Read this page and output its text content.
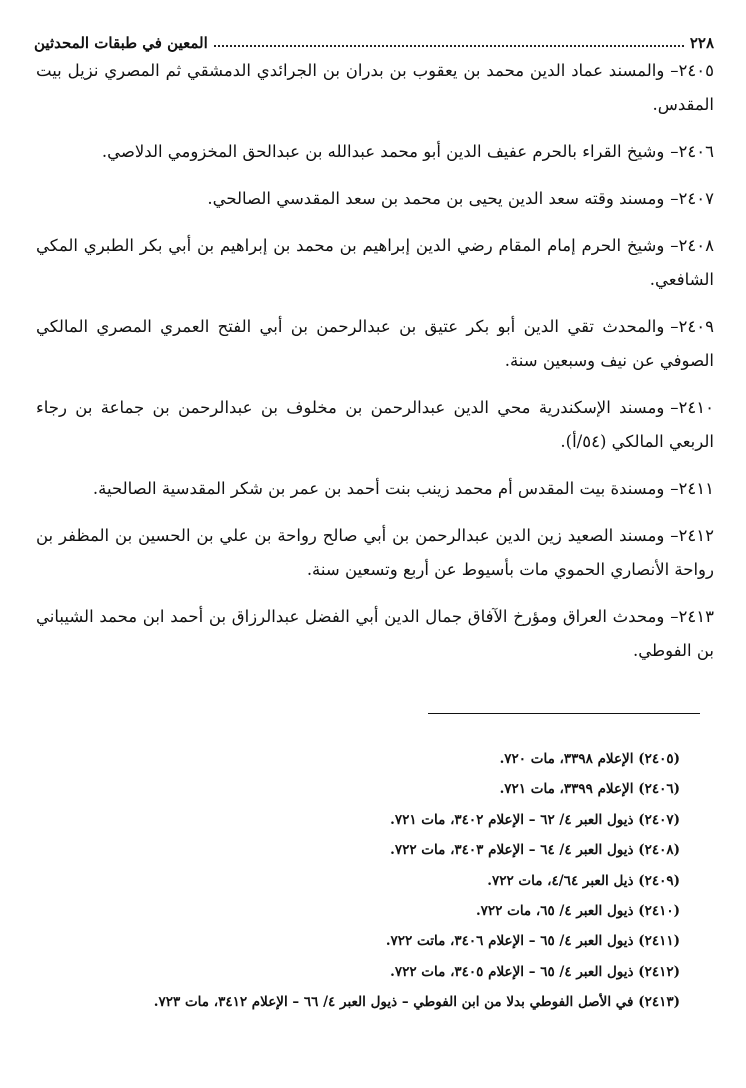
٢٢٨
المعين في طبقات المحدثين

٢٤٠٥–والمسند عماد الدين محمد بن يعقوب بن بدران بن الجرائدي الدمشقي ثم المصري نزيل بيت المقدس.

٢٤٠٦–وشيخ القراء بالحرم عفيف الدين أبو محمد عبدالله بن عبدالحق المخزومي الدلاصي.

٢٤٠٧–ومسند وقته سعد الدين يحيى بن محمد بن سعد المقدسي الصالحي.

٢٤٠٨–وشيخ الحرم إمام المقام رضي الدين إبراهيم بن محمد بن إبراهيم بن أبي بكر الطبري المكي الشافعي.

٢٤٠٩–والمحدث تقي الدين أبو بكر عتيق بن عبدالرحمن بن أبي الفتح العمري المصري المالكي الصوفي عن نيف وسبعين سنة.

٢٤١٠–ومسند الإسكندرية محي الدين عبدالرحمن بن مخلوف بن عبدالرحمن بن جماعة بن رجاء الربعي المالكي (٥٤/أ).

٢٤١١–ومسندة بيت المقدس أم محمد زينب بنت أحمد بن عمر بن شكر المقدسية الصالحية.

٢٤١٢–ومسند الصعيد زين الدين عبدالرحمن بن أبي صالح رواحة بن علي بن الحسين بن المظفر بن رواحة الأنصاري الحموي مات بأسيوط عن أربع وتسعين سنة.

٢٤١٣–ومحدث العراق ومؤرخ الآفاق جمال الدين أبي الفضل عبدالرزاق بن أحمد ابن محمد الشيباني بن الفوطي.

(٢٤٠٥) الإعلام ٣٣٩٨، مات ٧٢٠.
(٢٤٠٦) الإعلام ٣٣٩٩، مات ٧٢١.
(٢٤٠٧) ذيول العبر ٤/ ٦٢ – الإعلام ٣٤٠٢، مات ٧٢١.
(٢٤٠٨) ذيول العبر ٤/ ٦٤ – الإعلام ٣٤٠٣، مات ٧٢٢.
(٢٤٠٩) ذيل العبر ٤/٦٤، مات ٧٢٢.
(٢٤١٠) ذيول العبر ٤/ ٦٥، مات ٧٢٢.
(٢٤١١) ذيول العبر ٤/ ٦٥ – الإعلام ٣٤٠٦، ماتت ٧٢٢.
(٢٤١٢) ذيول العبر ٤/ ٦٥ – الإعلام ٣٤٠٥، مات ٧٢٢.
(٢٤١٣) في الأصل الفوطي بدلا من ابن الفوطي – ذيول العبر ٤/ ٦٦ – الإعلام ٣٤١٢، مات ٧٢٣.
